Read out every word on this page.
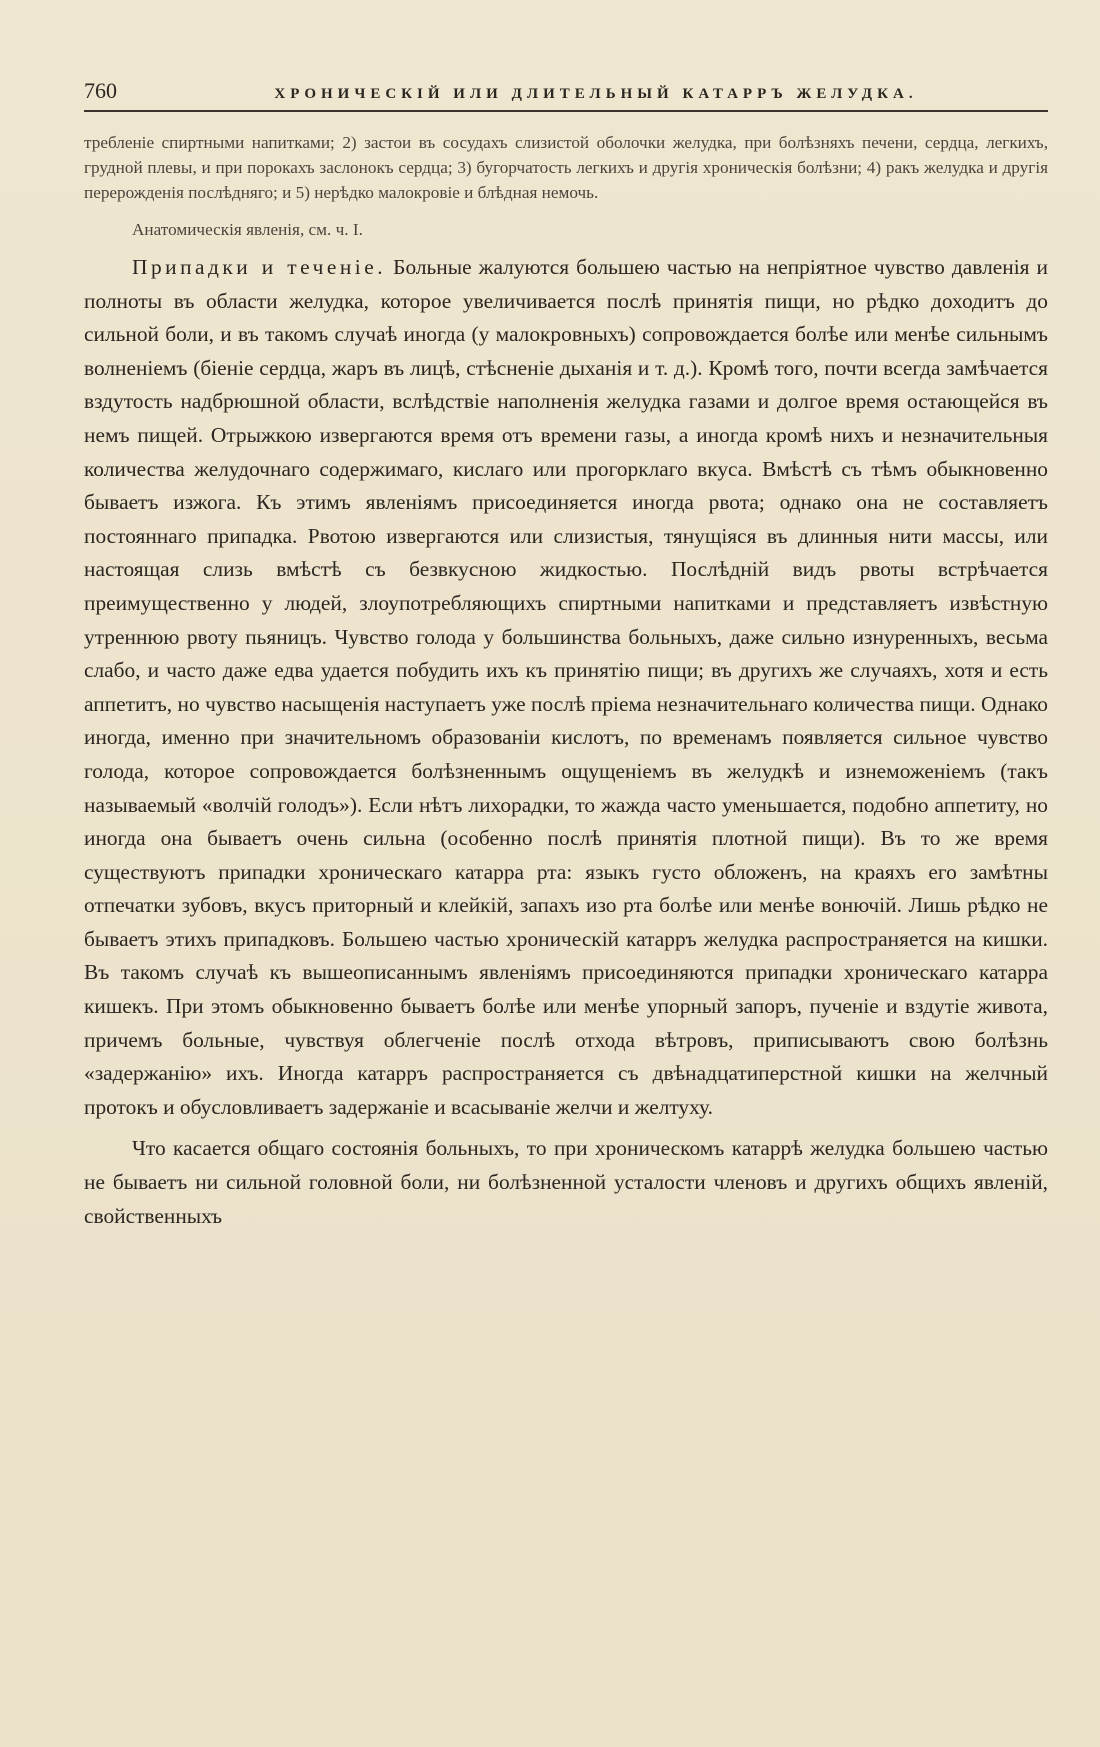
760	ХРОНИЧЕСКІЙ ИЛИ ДЛИТЕЛЬНЫЙ КАТАРРЪ ЖЕЛУДКА.

требленіе спиртными напитками; 2) застои въ сосудахъ слизистой оболочки желудка, при болѣзняхъ печени, сердца, легкихъ, грудной плевы, и при порокахъ заслонокъ сердца; 3) бугорчатость легкихъ и другія хроническія болѣзни; 4) ракъ желудка и другія перерожденія послѣдняго; и 5) нерѣдко малокровіе и блѣдная немочь.

Анатомическія явленія, см. ч. I.

Припадки и теченіе. Больные жалуются большею частью на непріятное чувство давленія и полноты въ области желудка, которое увеличивается послѣ принятія пищи, но рѣдко доходитъ до сильной боли, и въ такомъ случаѣ иногда (у малокровныхъ) сопровождается болѣе или менѣе сильнымъ волненіемъ (біеніе сердца, жаръ въ лицѣ, стѣсненіе дыханія и т. д.). Кромѣ того, почти всегда замѣчается вздутость надбрюшной области, вслѣдствіе наполненія желудка газами и долгое время остающейся въ немъ пищей. Отрыжкою извергаются время отъ времени газы, а иногда кромѣ нихъ и незначительныя количества желудочнаго содержимаго, кислаго или прогорклаго вкуса. Вмѣстѣ съ тѣмъ обыкновенно бываетъ изжога. Къ этимъ явленіямъ присоединяется иногда рвота; однако она не составляетъ постояннаго припадка. Рвотою извергаются или слизистыя, тянущіяся въ длинныя нити массы, или настоящая слизь вмѣстѣ съ безвкусною жидкостью. Послѣдній видъ рвоты встрѣчается преимущественно у людей, злоупотребляющихъ спиртными напитками и представляетъ извѣстную утреннюю рвоту пьяницъ. Чувство голода у большинства больныхъ, даже сильно изнуренныхъ, весьма слабо, и часто даже едва удается побудить ихъ къ принятію пищи; въ другихъ же случаяхъ, хотя и есть аппетитъ, но чувство насыщенія наступаетъ уже послѣ пріема незначительнаго количества пищи. Однако иногда, именно при значительномъ образованіи кислотъ, по временамъ появляется сильное чувство голода, которое сопровождается болѣзненнымъ ощущеніемъ въ желудкѣ и изнеможеніемъ (такъ называемый «волчій голодъ»). Если нѣтъ лихорадки, то жажда часто уменьшается, подобно аппетиту, но иногда она бываетъ очень сильна (особенно послѣ принятія плотной пищи). Въ то же время существуютъ припадки хроническаго катарра рта: языкъ густо обложенъ, на краяхъ его замѣтны отпечатки зубовъ, вкусъ приторный и клейкій, запахъ изо рта болѣе или менѣе вонючій. Лишь рѣдко не бываетъ этихъ припадковъ. Большею частью хроническій катарръ желудка распространяется на кишки. Въ такомъ случаѣ къ вышеописаннымъ явленіямъ присоединяются припадки хроническаго катарра кишекъ. При этомъ обыкновенно бываетъ болѣе или менѣе упорный запоръ, пученіе и вздутіе живота, причемъ больные, чувствуя облегченіе послѣ отхода вѣтровъ, приписываютъ свою болѣзнь «задержанію» ихъ. Иногда катарръ распространяется съ двѣнадцатиперстной кишки на желчный протокъ и обусловливаетъ задержаніе и всасываніе желчи и желтуху.

Что касается общаго состоянія больныхъ, то при хроническомъ катаррѣ желудка большею частью не бываетъ ни сильной головной боли, ни болѣзненной усталости членовъ и другихъ общихъ явленій, свойственныхъ
